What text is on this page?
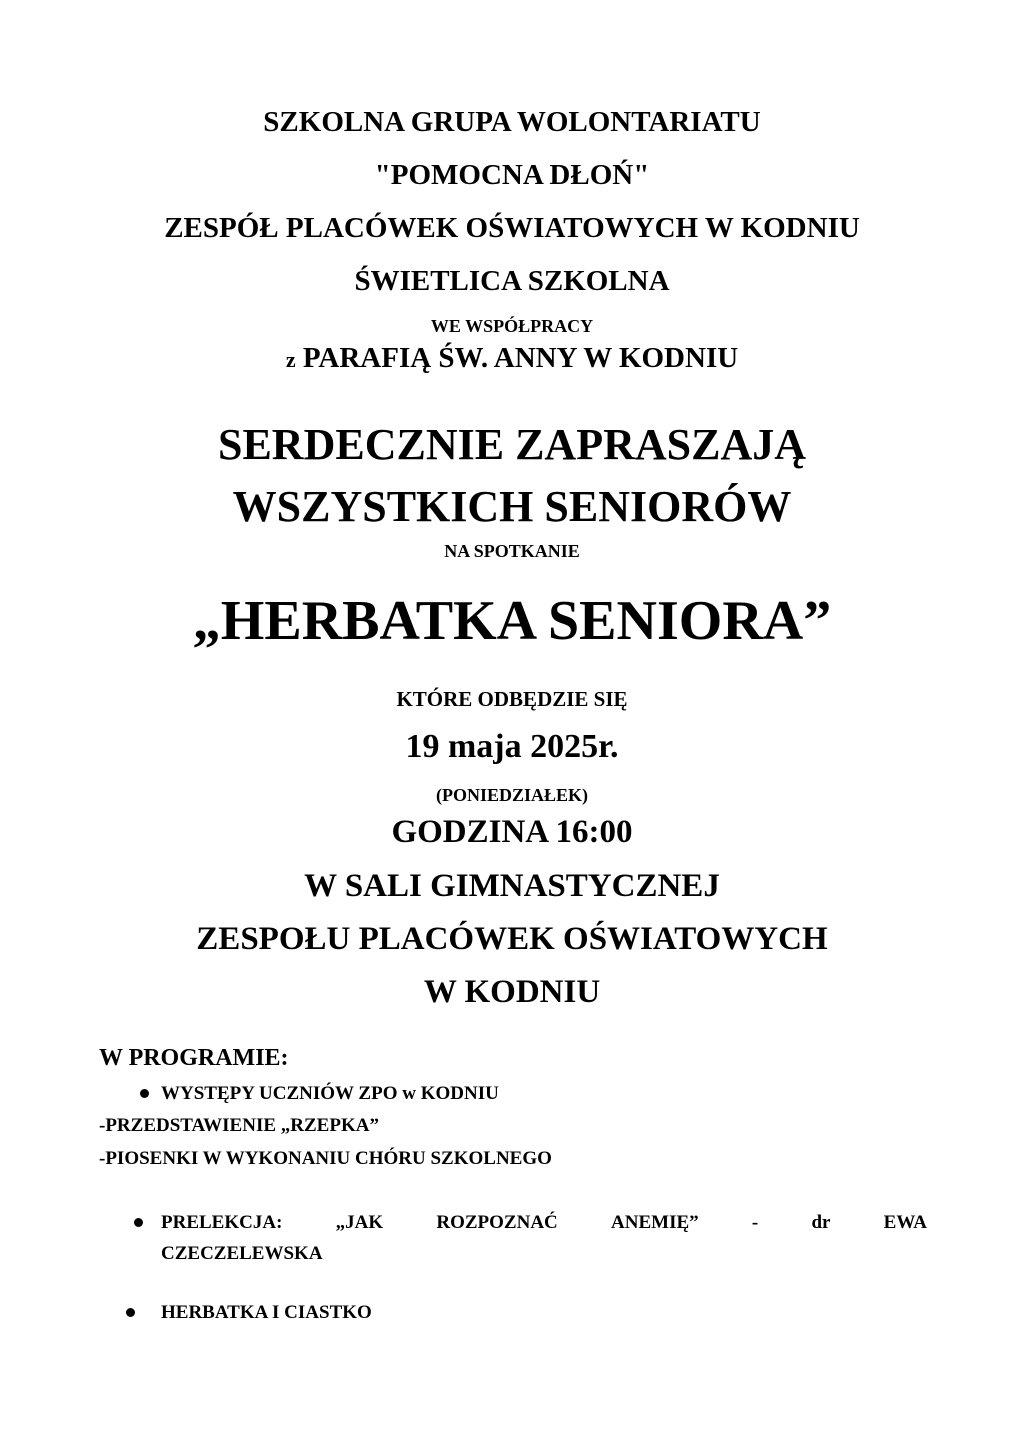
SZKOLNA GRUPA WOLONTARIATU
"POMOCNA DŁOŃ"
ZESPÓŁ PLACÓWEK OŚWIATOWYCH W KODNIU
ŚWIETLICA SZKOLNA
WE WSPÓŁPRACY
z PARAFIĄ ŚW. ANNY W KODNIU
SERDECZNIE ZAPRASZAJĄ
WSZYSTKICH SENIORÓW
NA SPOTKANIE
„HERBATKA SENIORA”
KTÓRE ODBĘDZIE SIĘ
19 maja 2025r.
(PONIEDZIAŁEK)
GODZINA 16:00
W SALI GIMNASTYCZNEJ
ZESPOŁU PLACÓWEK OŚWIATOWYCH
W KODNIU
W PROGRAMIE:
WYSTĘPY UCZNIÓW ZPO w KODNIU
-PRZEDSTAWIENIE „RZEPKA”
-PIOSENKI W WYKONANIU CHÓRU SZKOLNEGO
PRELEKCJA:	„JAK	ROZPOZNAĆ	ANEMIĘ”	-	dr	EWA
CZECZELEWSKA
HERBATKA I CIASTKO
